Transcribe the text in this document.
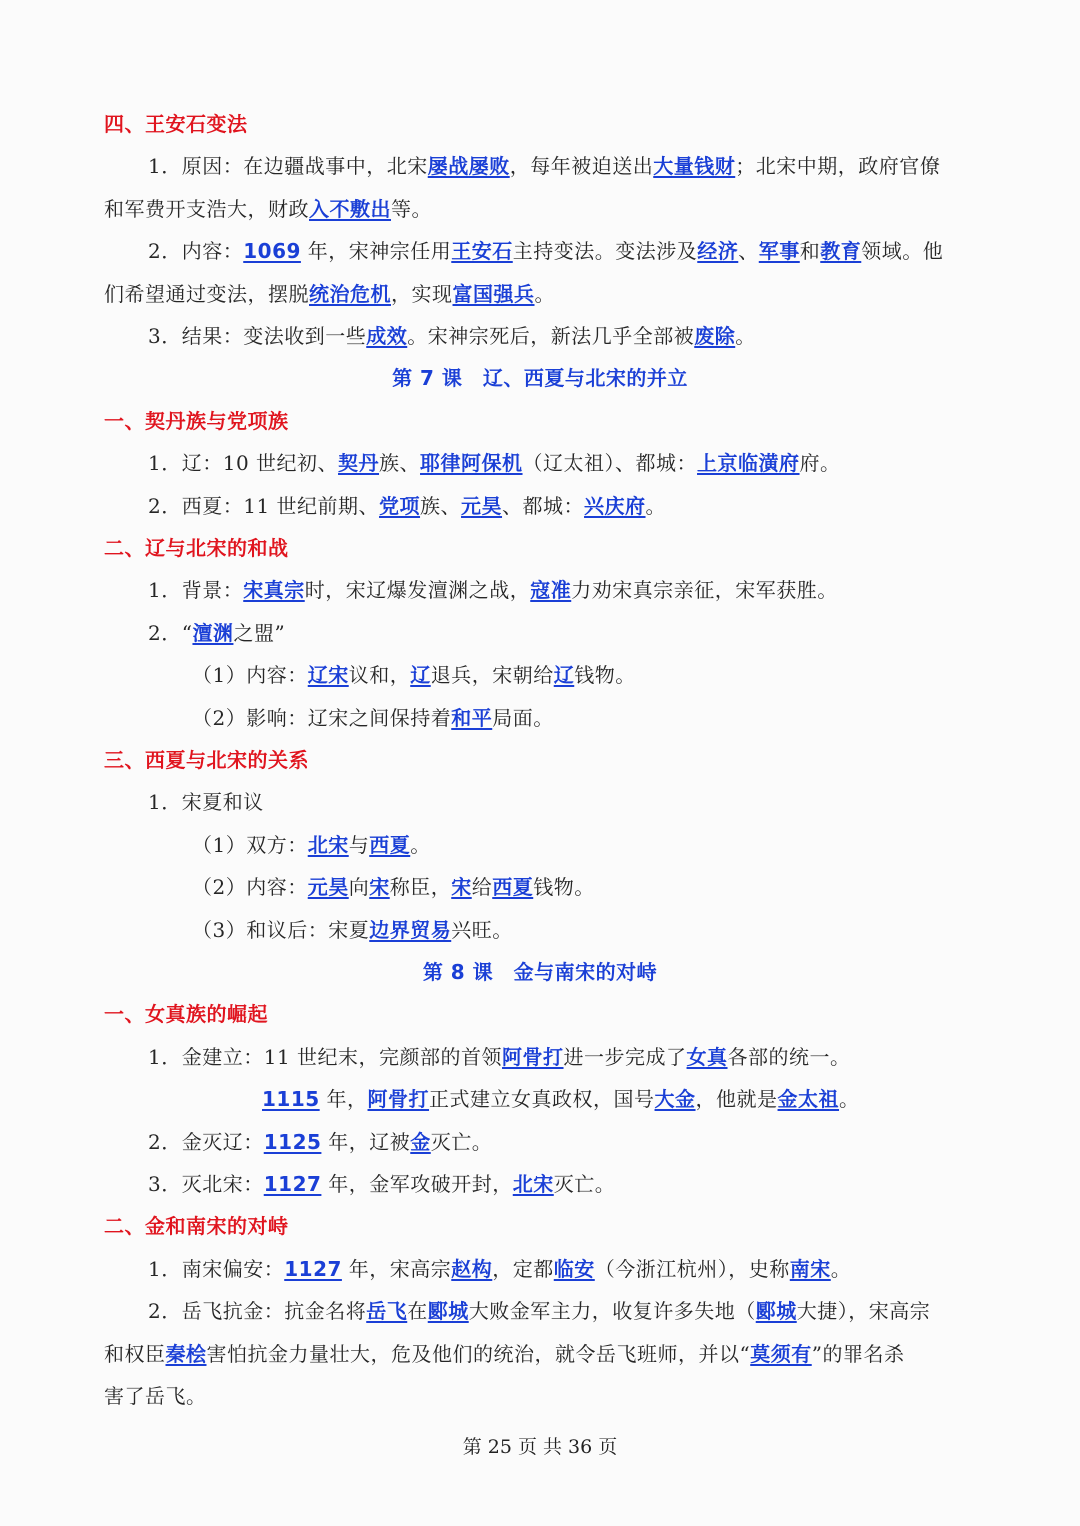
四、王安石变法
1．原因：在边疆战事中，北宋屡战屡败，每年被迫送出大量钱财；北宋中期，政府官僚
和军费开支浩大，财政入不敷出等。
2．内容：1069 年，宋神宗任用王安石主持变法。变法涉及经济、军事和教育领域。他
们希望通过变法，摆脱统治危机，实现富国强兵。
3．结果：变法收到一些成效。宋神宗死后，新法几乎全部被废除。
第 7 课　辽、西夏与北宋的并立
一、契丹族与党项族
1．辽：10 世纪初、契丹族、耶律阿保机（辽太祖）、都城：上京临潢府府。
2．西夏：11 世纪前期、党项族、元昊、都城：兴庆府。
二、辽与北宋的和战
1．背景：宋真宗时，宋辽爆发澶渊之战，寇准力劝宋真宗亲征，宋军获胜。
2．“澶渊之盟”
（1）内容：辽宋议和，辽退兵，宋朝给辽钱物。
（2）影响：辽宋之间保持着和平局面。
三、西夏与北宋的关系
1．宋夏和议
（1）双方：北宋与西夏。
（2）内容：元昊向宋称臣，宋给西夏钱物。
（3）和议后：宋夏边界贸易兴旺。
第 8 课　金与南宋的对峙
一、女真族的崛起
1．金建立：11 世纪末，完颜部的首领阿骨打进一步完成了女真各部的统一。
1115 年，阿骨打正式建立女真政权，国号大金，他就是金太祖。
2．金灭辽：1125 年，辽被金灭亡。
3．灭北宋：1127 年，金军攻破开封，北宋灭亡。
二、金和南宋的对峙
1．南宋偏安：1127 年，宋高宗赵构，定都临安（今浙江杭州），史称南宋。
2．岳飞抗金：抗金名将岳飞在郾城大败金军主力，收复许多失地（郾城大捷），宋高宗
和权臣秦桧害怕抗金力量壮大，危及他们的统治，就令岳飞班师，并以“莫须有”的罪名杀
害了岳飞。
第 25 页 共 36 页
